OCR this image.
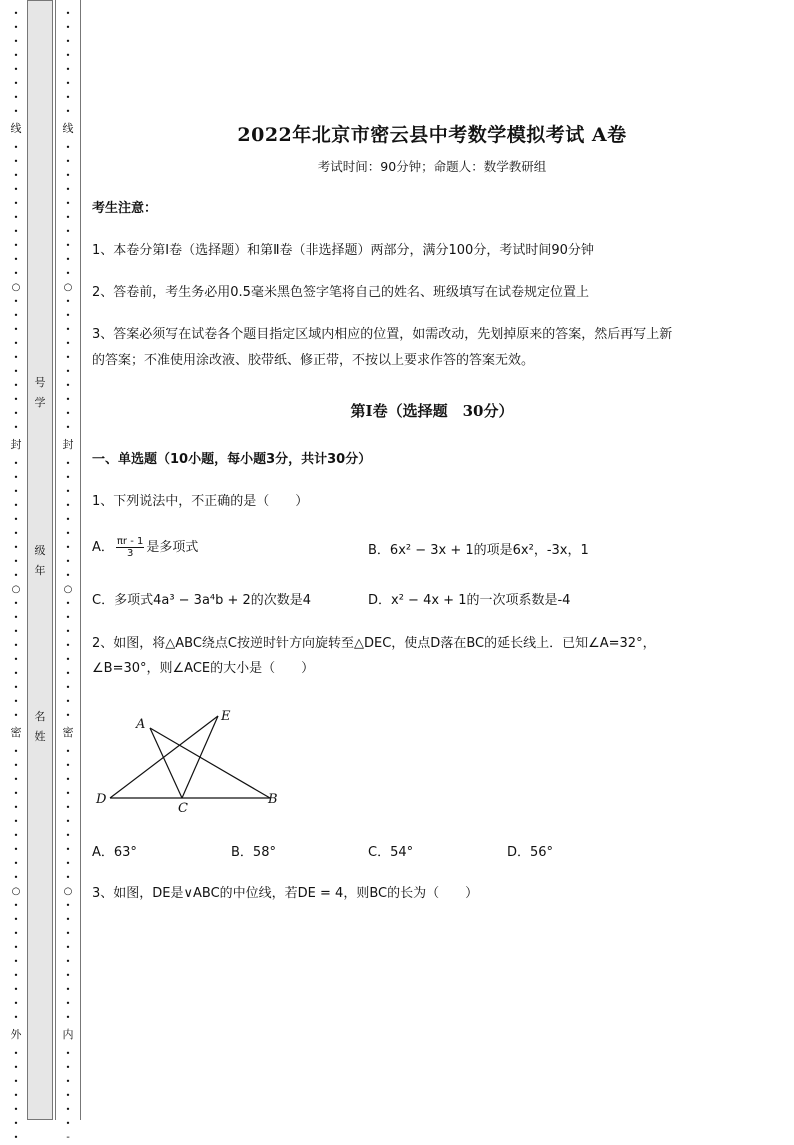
•
•
•
•
•
•
•
•
线
•
•
•
•
•
•
•
•
•
•
○
•
•
•
•
•
•
•
•
•
•
封
•
•
•
•
•
•
•
•
•
○
•
•
•
•
•
•
•
•
•
密
•
•
•
•
•
•
•
•
•
•
○
•
•
•
•
•
•
•
•
•
外
•
•
•
•
•
•
•
号
学
级
年
名
姓
•
•
•
•
•
•
•
•
线
•
•
•
•
•
•
•
•
•
•
○
•
•
•
•
•
•
•
•
•
•
封
•
•
•
•
•
•
•
•
•
○
•
•
•
•
•
•
•
•
•
密
•
•
•
•
•
•
•
•
•
•
○
•
•
•
•
•
•
•
•
•
内
•
•
•
•
•
•
-
2022年北京市密云县中考数学模拟考试 A卷
考试时间：90分钟；命题人：数学教研组
考生注意：
1、本卷分第Ⅰ卷（选择题）和第Ⅱ卷（非选择题）两部分，满分100分，考试时间90分钟
2、答卷前，考生务必用0.5毫米黑色签字笔将自己的姓名、班级填写在试卷规定位置上
3、答案必须写在试卷各个题目指定区域内相应的位置，如需改动，先划掉原来的答案，然后再写上新
的答案；不准使用涂改液、胶带纸、修正带，不按以上要求作答的答案无效。
第Ⅰ卷（选择题　30分）
一、单选题（10小题，每小题3分，共计30分）
1、下列说法中，不正确的是（　　）
A． $\frac{\pi r - 1}{3}$ 是多项式	B．6x² − 3x + 1的项是6x²，-3x，1
C．多项式4a³ − 3a⁴b + 2的次数是4	D．x² − 4x + 1的一次项系数是-4
2、如图，将△ABC绕点C按逆时针方向旋转至△DEC，使点D落在BC的延长线上．已知∠A=32°，
∠B=30°，则∠ACE的大小是（　　）
A
E
D
C
B
A．63°	B．58°	C．54°	D．56°
3、如图，DE是∨ABC的中位线，若DE = 4，则BC的长为（　　）
